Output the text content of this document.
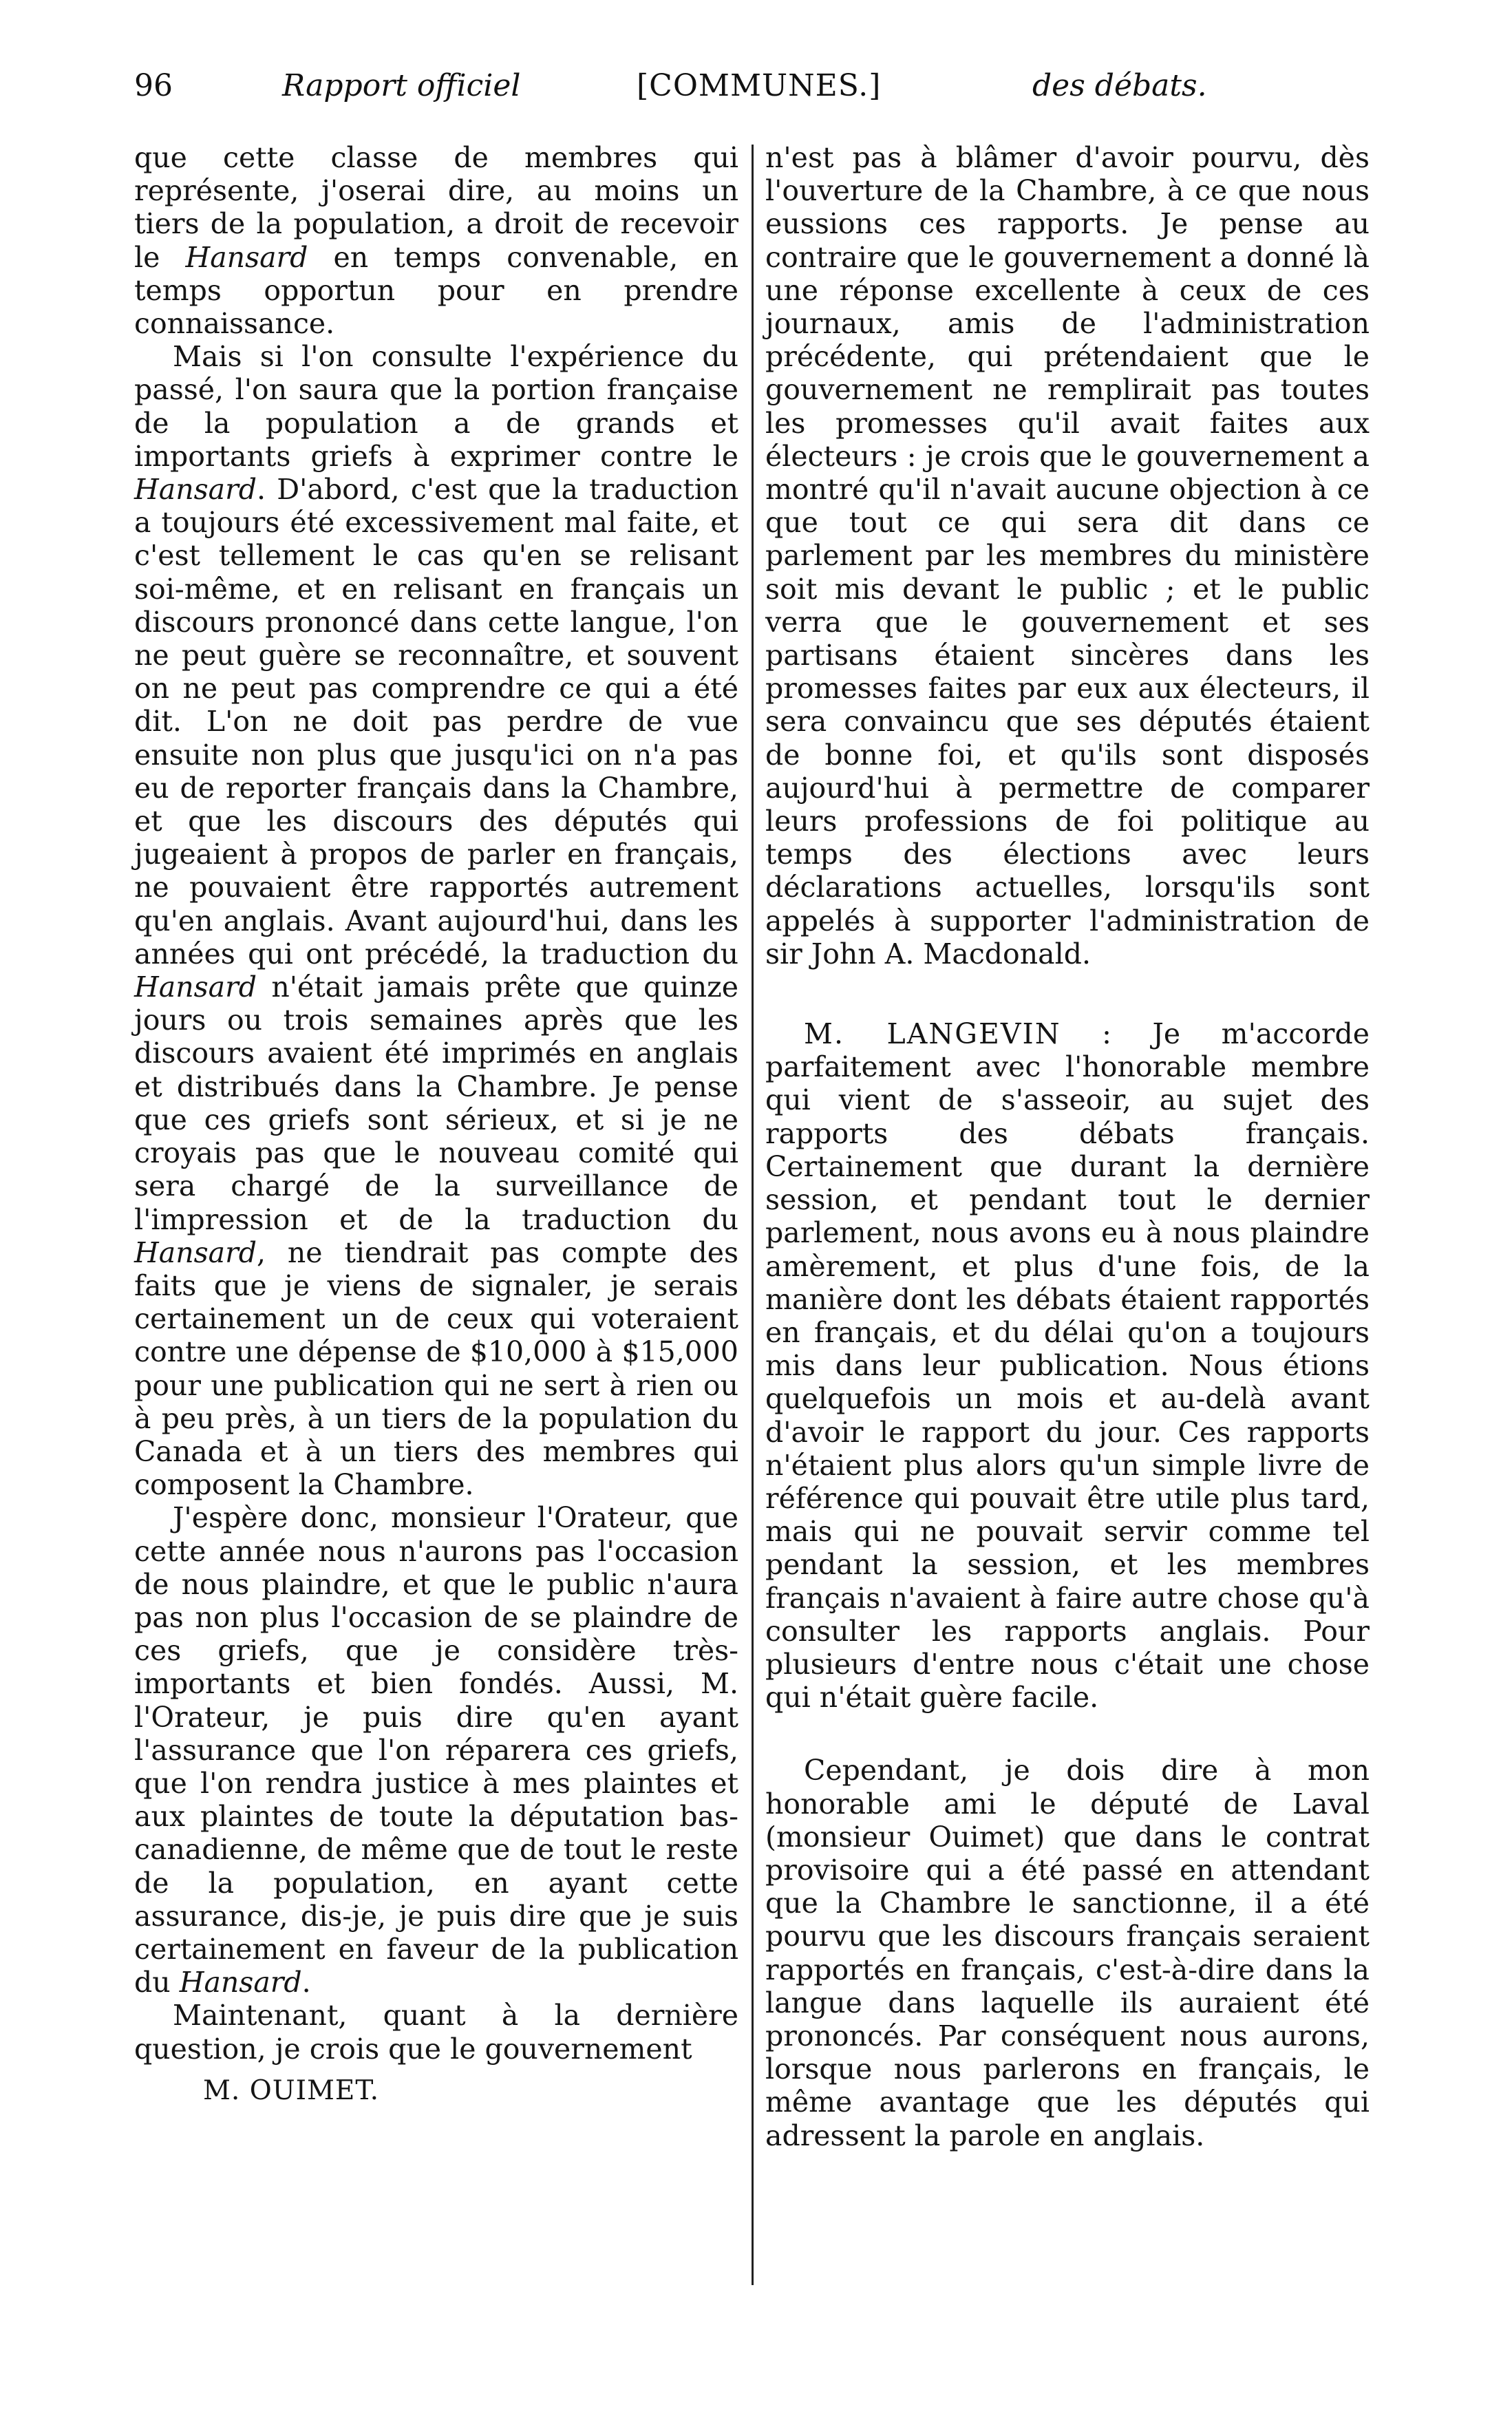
96	Rapport officiel	[COMMUNES.]	des débats.

que cette classe de membres qui représente, j'oserai dire, au moins un tiers de la population, a droit de recevoir le Hansard en temps convenable, en temps opportun pour en prendre connaissance.

Mais si l'on consulte l'expérience du passé, l'on saura que la portion française de la population a de grands et importants griefs à exprimer contre le Hansard. D'abord, c'est que la traduction a toujours été excessivement mal faite, et c'est tellement le cas qu'en se relisant soi-même, et en relisant en français un discours prononcé dans cette langue, l'on ne peut guère se reconnaître, et souvent on ne peut pas comprendre ce qui a été dit. L'on ne doit pas perdre de vue ensuite non plus que jusqu'ici on n'a pas eu de reporter français dans la Chambre, et que les discours des députés qui jugeaient à propos de parler en français, ne pouvaient être rapportés autrement qu'en anglais. Avant aujourd'hui, dans les années qui ont précédé, la traduction du Hansard n'était jamais prête que quinze jours ou trois semaines après que les discours avaient été imprimés en anglais et distribués dans la Chambre. Je pense que ces griefs sont sérieux, et si je ne croyais pas que le nouveau comité qui sera chargé de la surveillance de l'impression et de la traduction du Hansard, ne tiendrait pas compte des faits que je viens de signaler, je serais certainement un de ceux qui voteraient contre une dépense de $10,000 à $15,000 pour une publication qui ne sert à rien ou à peu près, à un tiers de la population du Canada et à un tiers des membres qui composent la Chambre.

J'espère donc, monsieur l'Orateur, que cette année nous n'aurons pas l'occasion de nous plaindre, et que le public n'aura pas non plus l'occasion de se plaindre de ces griefs, que je considère très-importants et bien fondés. Aussi, M. l'Orateur, je puis dire qu'en ayant l'assurance que l'on réparera ces griefs, que l'on rendra justice à mes plaintes et aux plaintes de toute la députation bas-canadienne, de même que de tout le reste de la population, en ayant cette assurance, dis-je, je puis dire que je suis certainement en faveur de la publication du Hansard.

Maintenant, quant à la dernière question, je crois que le gouvernement

M. OUIMET.

n'est pas à blâmer d'avoir pourvu, dès l'ouverture de la Chambre, à ce que nous eussions ces rapports. Je pense au contraire que le gouvernement a donné là une réponse excellente à ceux de ces journaux, amis de l'administration précédente, qui prétendaient que le gouvernement ne remplirait pas toutes les promesses qu'il avait faites aux électeurs : je crois que le gouvernement a montré qu'il n'avait aucune objection à ce que tout ce qui sera dit dans ce parlement par les membres du ministère soit mis devant le public ; et le public verra que le gouvernement et ses partisans étaient sincères dans les promesses faites par eux aux électeurs, il sera convaincu que ses députés étaient de bonne foi, et qu'ils sont disposés aujourd'hui à permettre de comparer leurs professions de foi politique au temps des élections avec leurs déclarations actuelles, lorsqu'ils sont appelés à supporter l'administration de sir John A. Macdonald.

M. LANGEVIN : Je m'accorde parfaitement avec l'honorable membre qui vient de s'asseoir, au sujet des rapports des débats français. Certainement que durant la dernière session, et pendant tout le dernier parlement, nous avons eu à nous plaindre amèrement, et plus d'une fois, de la manière dont les débats étaient rapportés en français, et du délai qu'on a toujours mis dans leur publication. Nous étions quelquefois un mois et au-delà avant d'avoir le rapport du jour. Ces rapports n'étaient plus alors qu'un simple livre de référence qui pouvait être utile plus tard, mais qui ne pouvait servir comme tel pendant la session, et les membres français n'avaient à faire autre chose qu'à consulter les rapports anglais. Pour plusieurs d'entre nous c'était une chose qui n'était guère facile.

Cependant, je dois dire à mon honorable ami le député de Laval (monsieur Ouimet) que dans le contrat provisoire qui a été passé en attendant que la Chambre le sanctionne, il a été pourvu que les discours français seraient rapportés en français, c'est-à-dire dans la langue dans laquelle ils auraient été prononcés. Par conséquent nous aurons, lorsque nous parlerons en français, le même avantage que les députés qui adressent la parole en anglais.
